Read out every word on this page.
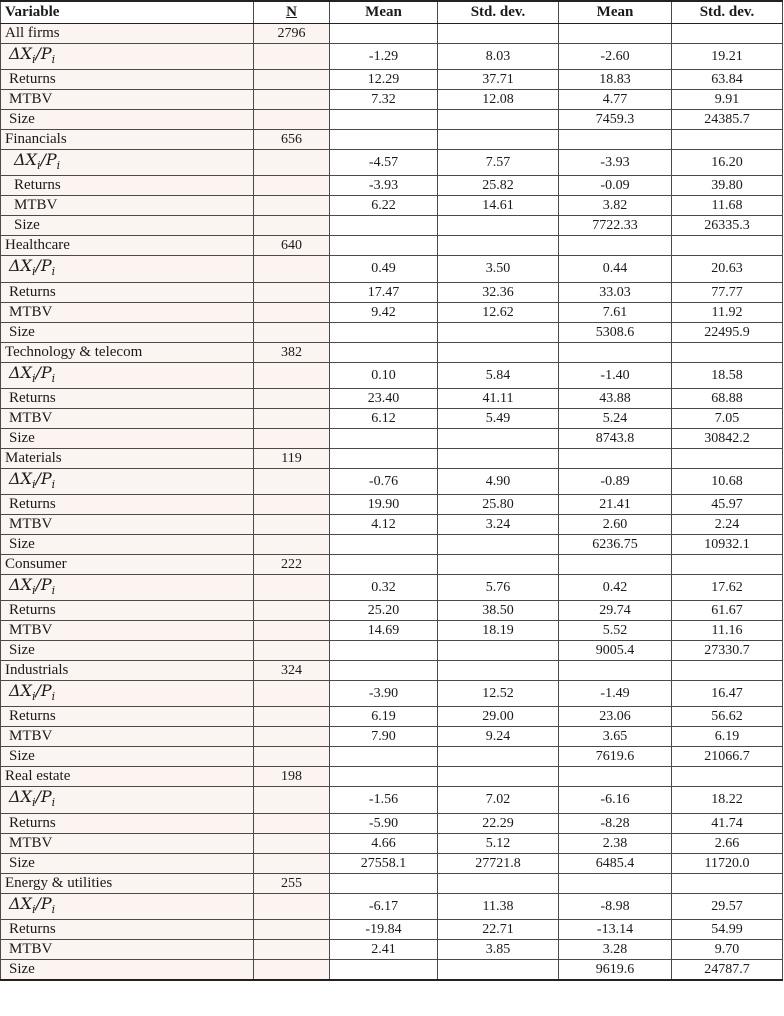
Variable	N	Mean	Std. dev.	Mean	Std. dev.
All firms	2796				
$\Delta X_i/P_i$		-1.29	8.03	-2.60	19.21
Returns		12.29	37.71	18.83	63.84
MTBV		7.32	12.08	4.77	9.91
Size				7459.3	24385.7
Financials	656				
$\Delta X_i/P_i$		-4.57	7.57	-3.93	16.20
Returns		-3.93	25.82	-0.09	39.80
MTBV		6.22	14.61	3.82	11.68
Size				7722.33	26335.3
Healthcare	640				
$\Delta X_i/P_i$		0.49	3.50	0.44	20.63
Returns		17.47	32.36	33.03	77.77
MTBV		9.42	12.62	7.61	11.92
Size				5308.6	22495.9
Technology & telecom	382				
$\Delta X_i/P_i$		0.10	5.84	-1.40	18.58
Returns		23.40	41.11	43.88	68.88
MTBV		6.12	5.49	5.24	7.05
Size				8743.8	30842.2
Materials	119				
$\Delta X_i/P_i$		-0.76	4.90	-0.89	10.68
Returns		19.90	25.80	21.41	45.97
MTBV		4.12	3.24	2.60	2.24
Size				6236.75	10932.1
Consumer	222				
$\Delta X_i/P_i$		0.32	5.76	0.42	17.62
Returns		25.20	38.50	29.74	61.67
MTBV		14.69	18.19	5.52	11.16
Size				9005.4	27330.7
Industrials	324				
$\Delta X_i/P_i$		-3.90	12.52	-1.49	16.47
Returns		6.19	29.00	23.06	56.62
MTBV		7.90	9.24	3.65	6.19
Size				7619.6	21066.7
Real estate	198				
$\Delta X_i/P_i$		-1.56	7.02	-6.16	18.22
Returns		-5.90	22.29	-8.28	41.74
MTBV		4.66	5.12	2.38	2.66
Size		27558.1	27721.8	6485.4	11720.0
Energy & utilities	255				
$\Delta X_i/P_i$		-6.17	11.38	-8.98	29.57
Returns		-19.84	22.71	-13.14	54.99
MTBV		2.41	3.85	3.28	9.70
Size				9619.6	24787.7
